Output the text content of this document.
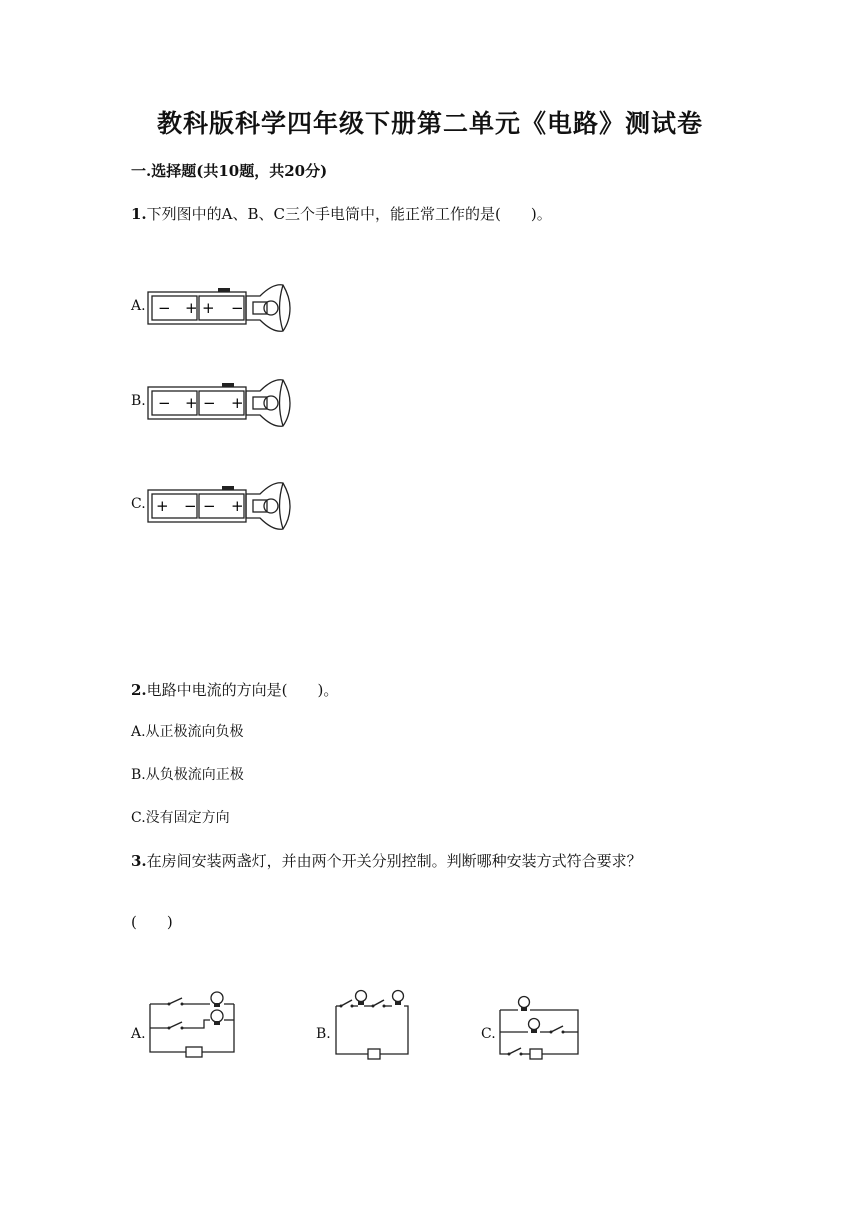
教科版科学四年级下册第二单元《电路》测试卷
一.选择题(共10题，共20分)
1.下列图中的A、B、C三个手电筒中，能正常工作的是(　　)。
A.
B.
C.
− + + −
− + − +
+ − − +
2.电路中电流的方向是(　　)。
A.从正极流向负极
B.从负极流向正极
C.没有固定方向
3.在房间安装两盏灯，并由两个开关分别控制。判断哪种安装方式符合要求？
(　　)
A.	B.	C.
